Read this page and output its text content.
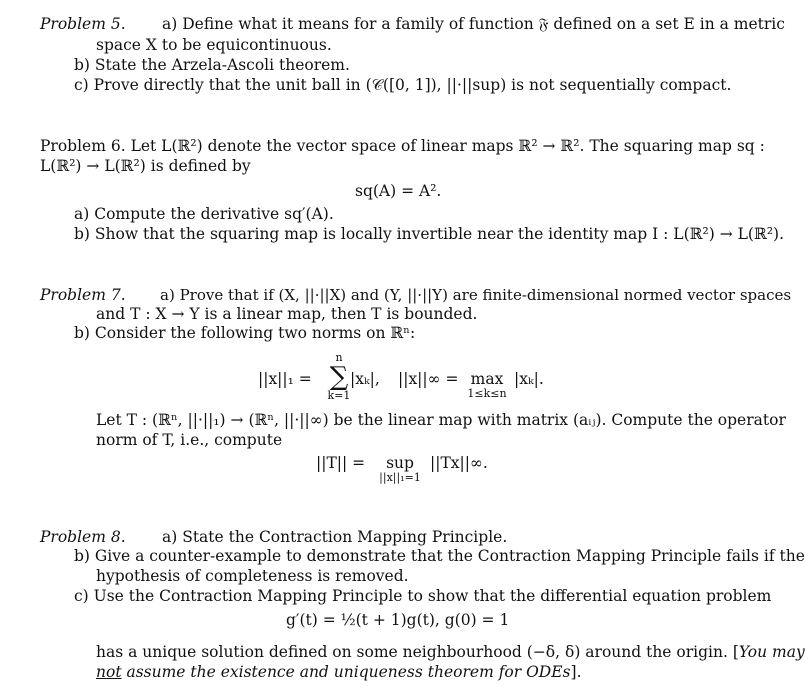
Problem 5. a) Define what it means for a family of function 𝔉 defined on a set E in a metric
space X to be equicontinuous.
b) State the Arzela-Ascoli theorem.
c) Prove directly that the unit ball in (𝒞([0, 1]), ||·||sup) is not sequentially compact.
Problem 6. Let L(ℝ²) denote the vector space of linear maps ℝ² → ℝ². The squaring map sq :
L(ℝ²) → L(ℝ²) is defined by
sq(A) = A².
a) Compute the derivative sq′(A).
b) Show that the squaring map is locally invertible near the identity map I : L(ℝ²) → L(ℝ²).
Problem 7. a) Prove that if (X, ||·||X) and (Y, ||·||Y) are finite-dimensional normed vector spaces
and T : X → Y is a linear map, then T is bounded.
b) Consider the following two norms on ℝⁿ:
||x||₁ =
n
∑
k=1
|xₖ|, ||x||∞ = max
1≤k≤n
|xₖ|.
Let T : (ℝⁿ, ||·||₁) → (ℝⁿ, ||·||∞) be the linear map with matrix (aᵢⱼ). Compute the operator
norm of T, i.e., compute
||T|| =	sup
||x||₁=1
||Tx||∞.
Problem 8. a) State the Contraction Mapping Principle.
b) Give a counter-example to demonstrate that the Contraction Mapping Principle fails if the
hypothesis of completeness is removed.
c) Use the Contraction Mapping Principle to show that the differential equation problem
g′(t) = ½(t + 1)g(t), g(0) = 1
has a unique solution defined on some neighbourhood (−δ, δ) around the origin. [You may
not assume the existence and uniqueness theorem for ODEs].
